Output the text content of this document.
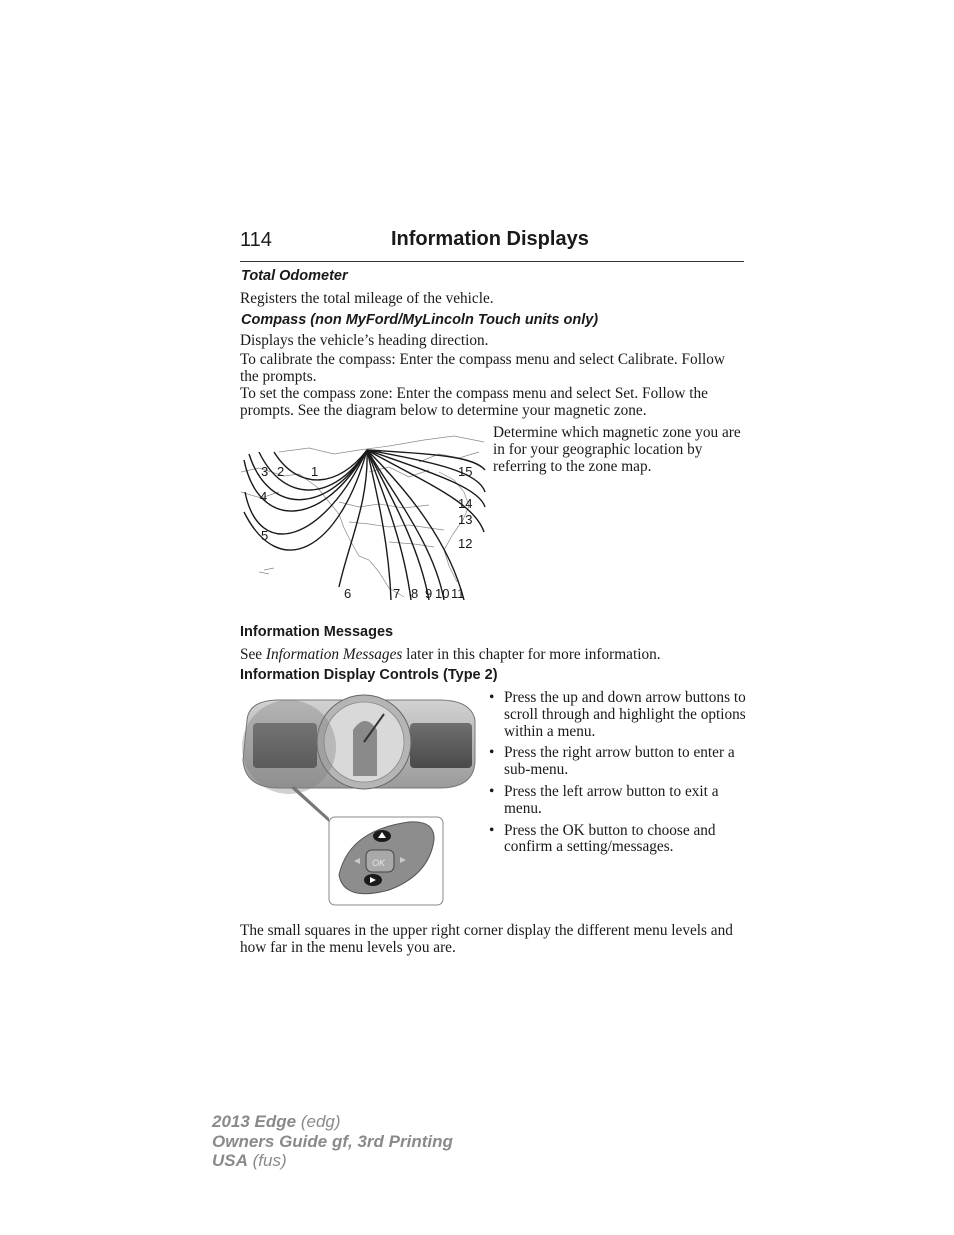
114	Information Displays
Total Odometer
Registers the total mileage of the vehicle.
Compass (non MyFord/MyLincoln Touch units only)
Displays the vehicle’s heading direction.
To calibrate the compass: Enter the compass menu and select Calibrate. Follow the prompts.
To set the compass zone: Enter the compass menu and select Set. Follow the prompts. See the diagram below to determine your magnetic zone.
1
2
3
4
5
6	7 8 9 10 11
12
13
14
15
Determine which magnetic zone you are in for your geographic location by referring to the zone map.
Information Messages
See Information Messages later in this chapter for more information.
Information Display Controls (Type 2)
OK
• Press the up and down arrow buttons to scroll through and highlight the options within a menu.
• Press the right arrow button to enter a sub-menu.
• Press the left arrow button to exit a menu.
• Press the OK button to choose and confirm a setting/messages.
The small squares in the upper right corner display the different menu levels and how far in the menu levels you are.
2013 Edge (edg)
Owners Guide gf, 3rd Printing
USA (fus)
